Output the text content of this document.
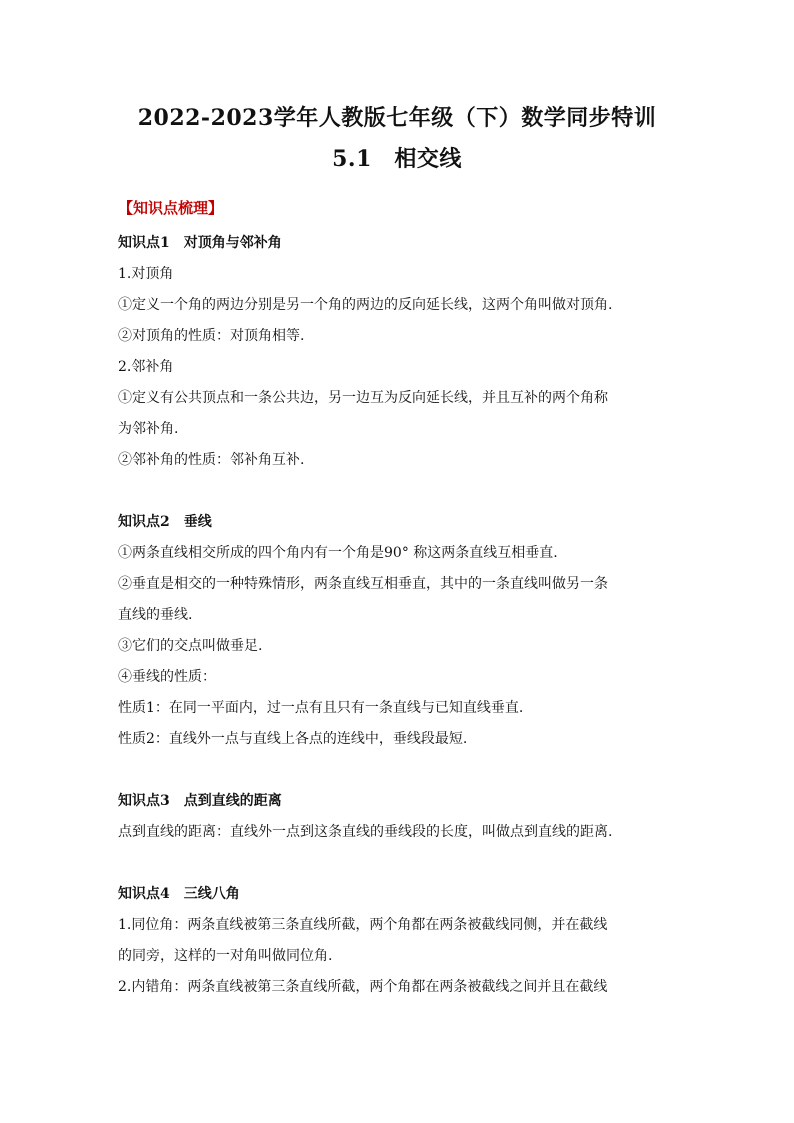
2022-2023学年人教版七年级（下）数学同步特训
5.1　相交线
【知识点梳理】

知识点1 对顶角与邻补角

1.对顶角

①定义一个角的两边分别是另一个角的两边的反向延长线，这两个角叫做对顶角.

②对顶角的性质：对顶角相等.

2.邻补角

①定义有公共顶点和一条公共边，另一边互为反向延长线，并且互补的两个角称

为邻补角.

②邻补角的性质：邻补角互补.

知识点2 垂线

①两条直线相交所成的四个角内有一个角是90° 称这两条直线互相垂直.

②垂直是相交的一种特殊情形，两条直线互相垂直，其中的一条直线叫做另一条

直线的垂线.

③它们的交点叫做垂足.

④垂线的性质：

性质1：在同一平面内，过一点有且只有一条直线与已知直线垂直.

性质2：直线外一点与直线上各点的连线中，垂线段最短.

知识点3 点到直线的距离

点到直线的距离：直线外一点到这条直线的垂线段的长度，叫做点到直线的距离.

知识点4 三线八角

1.同位角：两条直线被第三条直线所截，两个角都在两条被截线同侧，并在截线

的同旁，这样的一对角叫做同位角.

2.内错角：两条直线被第三条直线所截，两个角都在两条被截线之间并且在截线
